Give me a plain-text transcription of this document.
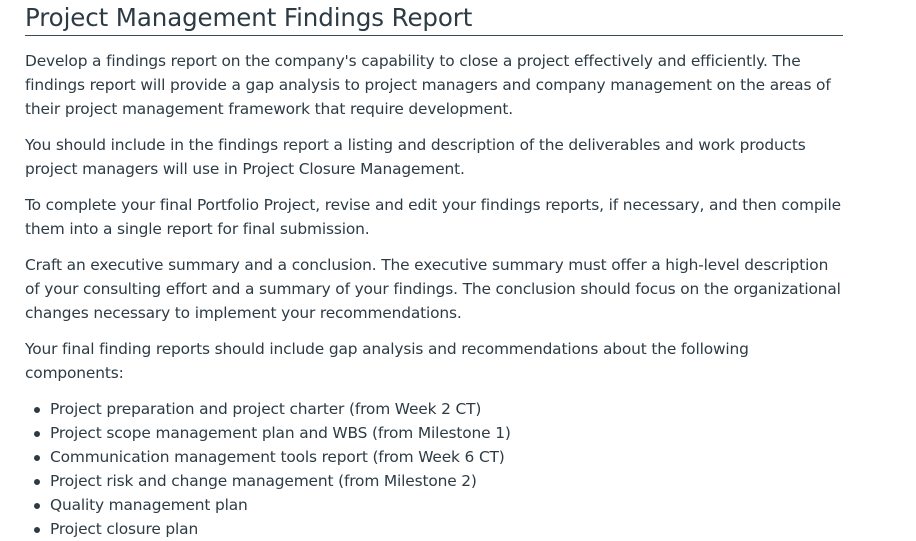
Project Management Findings Report

Develop a findings report on the company's capability to close a project effectively and efficiently. The findings report will provide a gap analysis to project managers and company management on the areas of their project management framework that require development.

You should include in the findings report a listing and description of the deliverables and work products project managers will use in Project Closure Management.

To complete your final Portfolio Project, revise and edit your findings reports, if necessary, and then compile them into a single report for final submission.

Craft an executive summary and a conclusion. The executive summary must offer a high-level description of your consulting effort and a summary of your findings. The conclusion should focus on the organizational changes necessary to implement your recommendations.

Your final finding reports should include gap analysis and recommendations about the following components:

Project preparation and project charter (from Week 2 CT)
Project scope management plan and WBS (from Milestone 1)
Communication management tools report (from Week 6 CT)
Project risk and change management (from Milestone 2)
Quality management plan
Project closure plan
